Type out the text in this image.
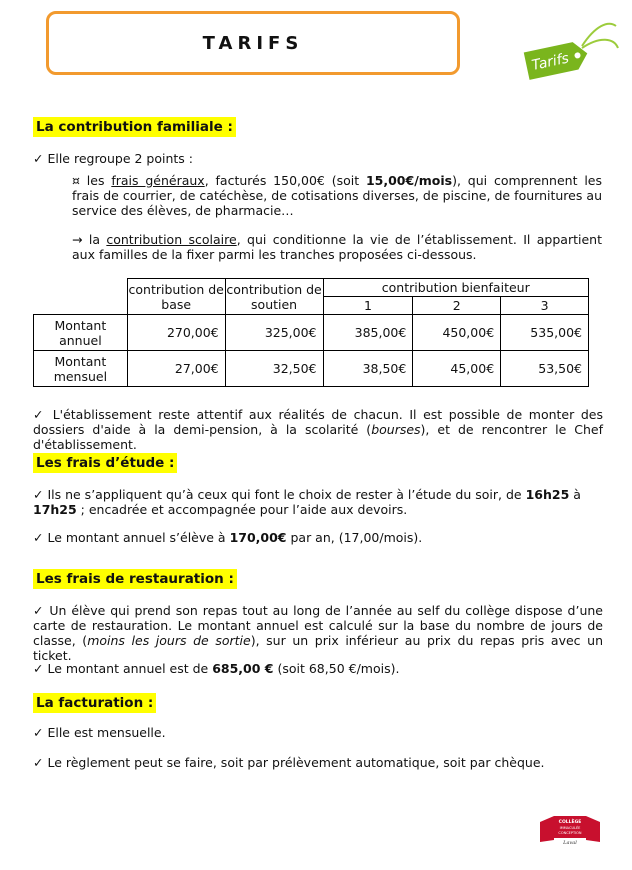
TARIFS
Tarifs
La contribution familiale :
✓ Elle regroupe 2 points :
¤ les frais généraux, facturés 150,00€ (soit 15,00€/mois), qui comprennent les frais de courrier, de catéchèse, de cotisations diverses, de piscine, de fournitures au service des élèves, de pharmacie…
→ la contribution scolaire, qui conditionne la vie de l’établissement. Il appartient aux familles de la fixer parmi les tranches proposées ci-dessous.
	contribution de base	contribution de soutien	contribution bienfaiteur		
			1	2	3
Montant annuel	270,00€	325,00€	385,00€	450,00€	535,00€
Montant mensuel	27,00€	32,50€	38,50€	45,00€	53,50€
✓ L'établissement reste attentif aux réalités de chacun. Il est possible de monter des dossiers d'aide à la demi-pension, à la scolarité (bourses), et de rencontrer le Chef d'établissement.
Les frais d’étude :
✓ Ils ne s’appliquent qu’à ceux qui font le choix de rester à l’étude du soir, de 16h25 à 17h25 ; encadrée et accompagnée pour l’aide aux devoirs.
✓ Le montant annuel s’élève à 170,00€ par an, (17,00/mois).
Les frais de restauration :
✓ Un élève qui prend son repas tout au long de l’année au self du collège dispose d’une carte de restauration. Le montant annuel est calculé sur la base du nombre de jours de classe, (moins les jours de sortie), sur un prix inférieur au prix du repas pris avec un ticket.
✓ Le montant annuel est de 685,00 € (soit 68,50 €/mois).
La facturation :
✓ Elle est mensuelle.
✓ Le règlement peut se faire, soit par prélèvement automatique, soit par chèque.
COLLÈGE
IMMACULÉE
CONCEPTION
Laval
